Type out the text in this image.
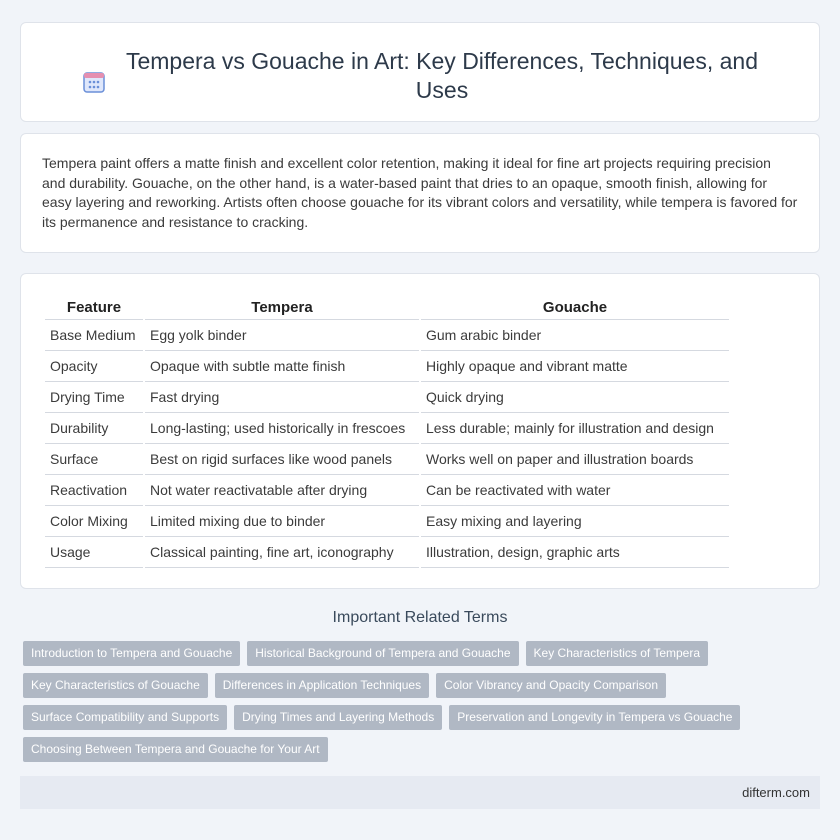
Tempera vs Gouache in Art: Key Differences, Techniques, and Uses

Tempera paint offers a matte finish and excellent color retention, making it ideal for fine art projects requiring precision and durability. Gouache, on the other hand, is a water-based paint that dries to an opaque, smooth finish, allowing for easy layering and reworking. Artists often choose gouache for its vibrant colors and versatility, while tempera is favored for its permanence and resistance to cracking.

Feature	Tempera	Gouache
Base Medium	Egg yolk binder	Gum arabic binder
Opacity	Opaque with subtle matte finish	Highly opaque and vibrant matte
Drying Time	Fast drying	Quick drying
Durability	Long-lasting; used historically in frescoes	Less durable; mainly for illustration and design
Surface	Best on rigid surfaces like wood panels	Works well on paper and illustration boards
Reactivation	Not water reactivatable after drying	Can be reactivated with water
Color Mixing	Limited mixing due to binder	Easy mixing and layering
Usage	Classical painting, fine art, iconography	Illustration, design, graphic arts
Important Related Terms
Introduction to Tempera and Gouache	Historical Background of Tempera and Gouache	Key Characteristics of Tempera
Key Characteristics of Gouache	Differences in Application Techniques	Color Vibrancy and Opacity Comparison
Surface Compatibility and Supports	Drying Times and Layering Methods	Preservation and Longevity in Tempera vs Gouache
Choosing Between Tempera and Gouache for Your Art
difterm.com
